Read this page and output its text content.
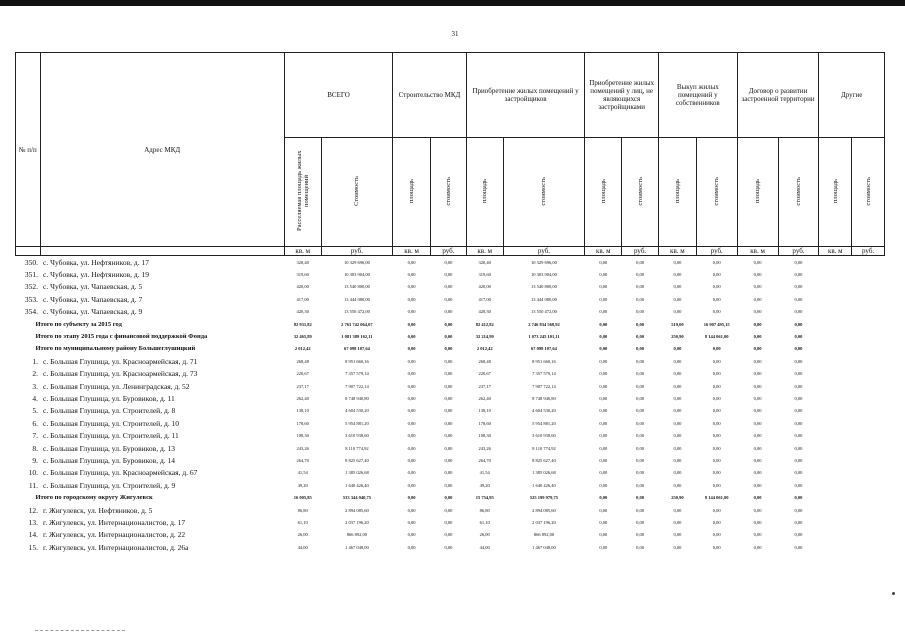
31
№ п/п	Адрес МКД	ВСЕГО		Строительство МКД		Приобретение жилых помещений у застройщиков		Приобретение жилых помещений у лиц, не являющихся застройщиками		Выкуп жилых помещений у собственников		Договор о развитии застроенной территории		Другие	
		Расселяемая площадь жилых помещений	Стоимость	площадь	стоимость	площадь	стоимость	площадь	стоимость	площадь	стоимость	площадь	стоимость	площадь	стоимость
		кв. м	руб.	кв. м	руб.	кв. м	руб.	кв. м	руб.	кв. м	руб.	кв. м	руб.	кв. м	руб.
350.	с. Чубовка, ул. Нефтяников, д. 17	320,40	10 329 696,00	0,00	0,00	320,40	10 329 696,00	0,00	0,00	0,00	0,00	0,00	0,00		
351.	с. Чубовка, ул. Нефтяников, д. 19	319,60	10 303 904,00	0,00	0,00	319,60	10 303 904,00	0,00	0,00	0,00	0,00	0,00	0,00		
352.	с. Чубовка, ул. Чапаевская, д. 5	420,00	13 540 800,00	0,00	0,00	420,00	13 540 800,00	0,00	0,00	0,00	0,00	0,00	0,00		
353.	с. Чубовка, ул. Чапаевская, д. 7	417,00	13 444 080,00	0,00	0,00	417,00	13 444 080,00	0,00	0,00	0,00	0,00	0,00	0,00		
354.	с. Чубовка, ул. Чапаевская, д. 9	420,30	13 550 472,00	0,00	0,00	420,30	13 550 472,00	0,00	0,00	0,00	0,00	0,00	0,00		
Итого по субъекту за 2015 год		82 931,82	2 763 742 064,07	0,00	0,00	82 412,82	2 746 834 568,92	0,00	0,00	519,00	16 907 495,15	0,00	0,00		
Итого по этапу 2015 года с финансовой поддержкой Фонда		32 465,89	1 081 389 162,11	0,00	0,00	32 214,99	1 073 245 101,11	0,00	0,00	250,90	8 144 061,00	0,00	0,00		
Итого по муниципальному району Большеглушицкий		2 012,42	67 098 107,64	0,00	0,00	2 012,42	67 098 107,64	0,00	0,00	0,00	0,00	0,00	0,00		
1.	с. Большая Глушица, ул. Красноармейская, д. 71	268,48	8 951 660,16	0,00	0,00	268,48	8 951 660,16	0,00	0,00	0,00	0,00	0,00	0,00		
2.	с. Большая Глушица, ул. Красноармейская, д. 73	220,67	7 357 579,14	0,00	0,00	220,67	7 357 579,14	0,00	0,00	0,00	0,00	0,00	0,00		
3.	с. Большая Глушица, ул. Ленинградская, д. 52	237,17	7 907 722,14	0,00	0,00	237,17	7 907 722,14	0,00	0,00	0,00	0,00	0,00	0,00		
4.	с. Большая Глушица, ул. Буровиков, д. 11	262,40	8 748 940,80	0,00	0,00	262,40	8 748 940,80	0,00	0,00	0,00	0,00	0,00	0,00		
5.	с. Большая Глушица, ул. Строителей, д. 8	138,10	4 604 530,20	0,00	0,00	138,10	4 604 530,20	0,00	0,00	0,00	0,00	0,00	0,00		
6.	с. Большая Глушица, ул. Строителей, д. 10	178,60	5 954 881,20	0,00	0,00	178,60	5 954 881,20	0,00	0,00	0,00	0,00	0,00	0,00		
7.	с. Большая Глушица, ул. Строителей, д. 11	108,30	3 610 938,60	0,00	0,00	108,30	3 610 938,60	0,00	0,00	0,00	0,00	0,00	0,00		
8.	с. Большая Глушица, ул. Буровиков, д. 13	243,26	8 110 774,92	0,00	0,00	243,26	8 110 774,92	0,00	0,00	0,00	0,00	0,00	0,00		
9.	с. Большая Глушица, ул. Буровиков, д. 14	264,70	8 825 627,40	0,00	0,00	264,70	8 825 627,40	0,00	0,00	0,00	0,00	0,00	0,00		
10.	с. Большая Глушица, ул. Красноармейская, д. 67	41,54	1 385 026,68	0,00	0,00	41,54	1 385 026,68	0,00	0,00	0,00	0,00	0,00	0,00		
11.	с. Большая Глушица, ул. Строителей, д. 9	49,20	1 640 426,40	0,00	0,00	49,20	1 640 426,40	0,00	0,00	0,00	0,00	0,00	0,00		
Итого по городскому округу Жигулевск		16 005,85	533 344 040,75	0,00	0,00	15 754,95	525 199 979,75	0,00	0,00	250,90	8 144 061,00	0,00	0,00		
12.	г. Жигулевск, ул. Нефтяников, д. 5	86,80	2 894 085,60	0,00	0,00	86,80	2 894 085,60	0,00	0,00	0,00	0,00	0,00	0,00		
13.	г. Жигулевск, ул. Интернационалистов, д. 17	61,10	2 037 196,20	0,00	0,00	61,10	2 037 196,20	0,00	0,00	0,00	0,00	0,00	0,00		
14.	г. Жигулевск, ул. Интернационалистов, д. 22	26,00	866 892,00	0,00	0,00	26,00	866 892,00	0,00	0,00	0,00	0,00	0,00	0,00		
15.	г. Жигулевск, ул. Интернационалистов, д. 26а	44,00	1 467 048,00	0,00	0,00	44,00	1 467 048,00	0,00	0,00	0,00	0,00	0,00	0,00		
